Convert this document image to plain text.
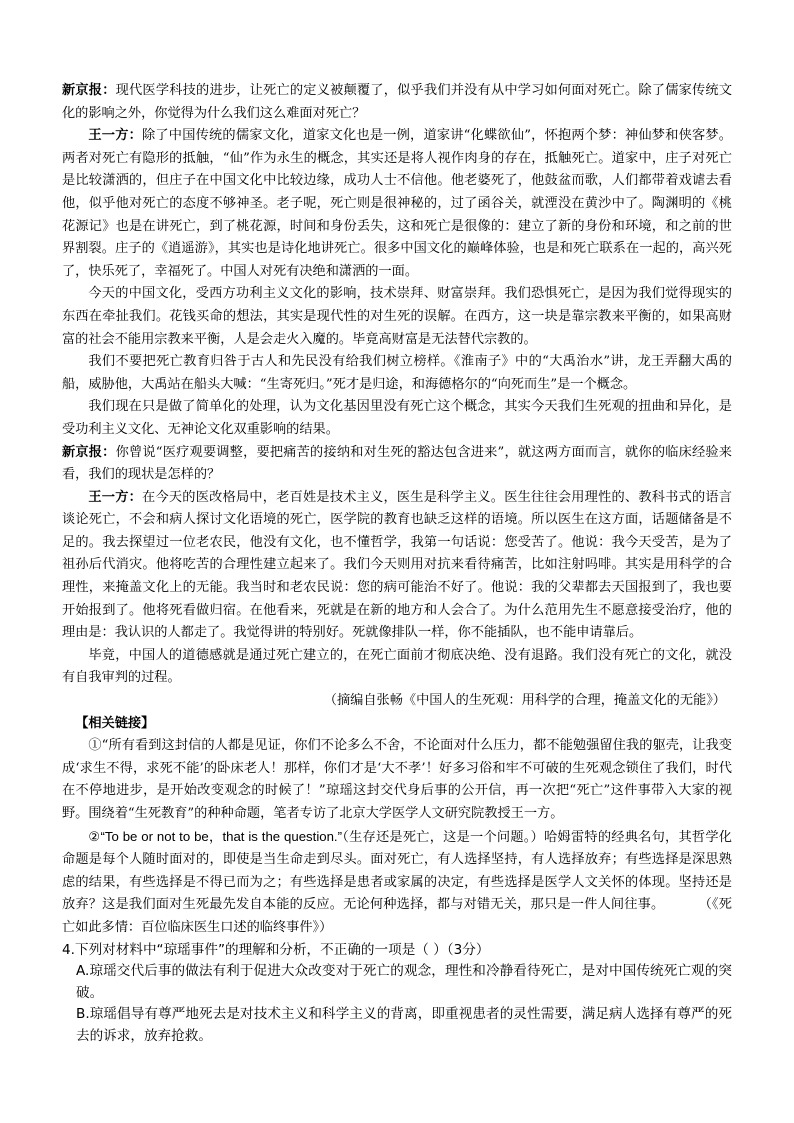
新京报：现代医学科技的进步，让死亡的定义被颠覆了，似乎我们并没有从中学习如何面对死亡。除了儒家传统文化的影响之外，你觉得为什么我们这么难面对死亡？

王一方：除了中国传统的儒家文化，道家文化也是一例，道家讲“化蝶欲仙”，怀抱两个梦：神仙梦和侠客梦。两者对死亡有隐形的抵触，“仙”作为永生的概念，其实还是将人视作肉身的存在，抵触死亡。道家中，庄子对死亡是比较潇洒的，但庄子在中国文化中比较边缘，成功人士不信他。他老婆死了，他鼓盆而歌，人们都带着戏谑去看他，似乎他对死亡的态度不够神圣。老子呢，死亡则是很神秘的，过了函谷关，就湮没在黄沙中了。陶渊明的《桃花源记》也是在讲死亡，到了桃花源，时间和身份丢失，这和死亡是很像的：建立了新的身份和环境，和之前的世界割裂。庄子的《逍遥游》，其实也是诗化地讲死亡。很多中国文化的巅峰体验，也是和死亡联系在一起的，高兴死了，快乐死了，幸福死了。中国人对死有决绝和潇洒的一面。

今天的中国文化，受西方功利主义文化的影响，技术崇拜、财富崇拜。我们恐惧死亡，是因为我们觉得现实的东西在牵扯我们。花钱买命的想法，其实是现代性的对生死的误解。在西方，这一块是靠宗教来平衡的，如果高财富的社会不能用宗教来平衡，人是会走火入魔的。毕竟高财富是无法替代宗教的。

我们不要把死亡教育归咎于古人和先民没有给我们树立榜样。《淮南子》中的“大禹治水”讲，龙王弄翻大禹的船，威胁他，大禹站在船头大喊：“生寄死归。”死才是归途，和海德格尔的“向死而生”是一个概念。

我们现在只是做了简单化的处理，认为文化基因里没有死亡这个概念，其实今天我们生死观的扭曲和异化，是受功利主义文化、无神论文化双重影响的结果。

新京报：你曾说“医疗观要调整，要把痛苦的接纳和对生死的豁达包含进来”，就这两方面而言，就你的临床经验来看，我们的现状是怎样的？

王一方：在今天的医改格局中，老百姓是技术主义，医生是科学主义。医生往往会用理性的、教科书式的语言谈论死亡，不会和病人探讨文化语境的死亡，医学院的教育也缺乏这样的语境。所以医生在这方面，话题储备是不足的。我去探望过一位老农民，他没有文化，也不懂哲学，我第一句话说：您受苦了。他说：我今天受苦，是为了祖孙后代消灾。他将吃苦的合理性建立起来了。我们今天则用对抗来看待痛苦，比如注射吗啡。其实是用科学的合理性，来掩盖文化上的无能。我当时和老农民说：您的病可能治不好了。他说：我的父辈都去天国报到了，我也要开始报到了。他将死看做归宿。在他看来，死就是在新的地方和人会合了。为什么范用先生不愿意接受治疗，他的理由是：我认识的人都走了。我觉得讲的特别好。死就像排队一样，你不能插队，也不能申请靠后。

毕竟，中国人的道德感就是通过死亡建立的，在死亡面前才彻底决绝、没有退路。我们没有死亡的文化，就没有自我审判的过程。

（摘编自张畅《中国人的生死观：用科学的合理，掩盖文化的无能》）

【相关链接】

①“所有看到这封信的人都是见证，你们不论多么不舍，不论面对什么压力，都不能勉强留住我的躯壳，让我变成‘求生不得，求死不能’的卧床老人！那样，你们才是‘大不孝’！好多习俗和牢不可破的生死观念锁住了我们，时代在不停地进步，是开始改变观念的时候了！”琼瑶这封交代身后事的公开信，再一次把“死亡”这件事带入大家的视野。围绕着“生死教育”的种种命题，笔者专访了北京大学医学人文研究院教授王一方。

②“To be or not to be，that is the question.”（生存还是死亡，这是一个问题。）哈姆雷特的经典名句，其哲学化命题是每个人随时面对的，即使是当生命走到尽头。面对死亡，有人选择坚持，有人选择放弃；有些选择是深思熟虑的结果，有些选择是不得已而为之；有些选择是患者或家属的决定，有些选择是医学人文关怀的体现。坚持还是放弃？这是我们面对生死最先发自本能的反应。无论何种选择，都与对错无关，那只是一件人间往事。	（《死亡如此多情：百位临床医生口述的临终事件》）

4.下列对材料中“琼瑶事件”的理解和分析，不正确的一项是（ ）（3分）

A.琼瑶交代后事的做法有利于促进大众改变对于死亡的观念，理性和冷静看待死亡，是对中国传统死亡观的突破。

B.琼瑶倡导有尊严地死去是对技术主义和科学主义的背离，即重视患者的灵性需要，满足病人选择有尊严的死去的诉求，放弃抢救。
